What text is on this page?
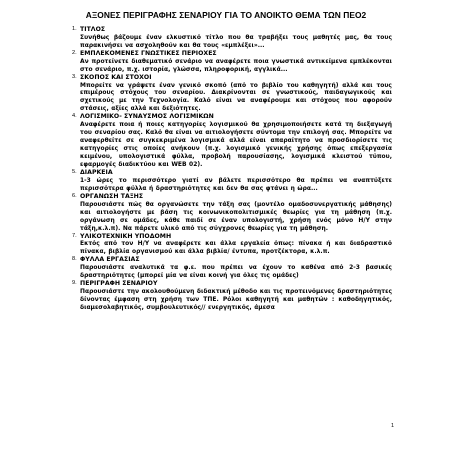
ΑΞΟΝΕΣ ΠΕΡΙΓΡΑΦΗΣ ΣΕΝΑΡΙΟΥ ΓΙΑ ΤΟ ΑΝΟΙΚΤΟ ΘΕΜΑ ΤΩΝ ΠΕΟ2
1. ΤΙΤΛΟΣ
Συνήθως βάζουμε έναν ελκυστικό τίτλο που θα τραβήξει τους μαθητές μας, θα τους παρακινήσει να ασχοληθούν και θα τους «εμπλέξει»...
2. ΕΜΠΛΕΚΟΜΕΝΕΣ ΓΝΩΣΤΙΚΕΣ ΠΕΡΙΟΧΕΣ
Αν προτείνετε διαθεματικό σενάριο να αναφέρετε ποια γνωστικά αντικείμενα εμπλέκονται στο σενάριο, π.χ. ιστορία, γλώσσα, πληροφορική, αγγλικά...
3. ΣΚΟΠΟΣ ΚΑΙ ΣΤΟΧΟΙ
Μπορείτε να γράψετε έναν γενικό σκοπό (από το βιβλίο του καθηγητή) αλλά και τους επιμέρους στόχους του σεναρίου. Διακρίνονται σε γνωστικούς, παιδαγωγικούς και σχετικούς με την Τεχνολογία. Καλό είναι να αναφέρουμε και στόχους που αφορούν στάσεις, αξίες αλλά και δεξιότητες.
4. ΛΟΓΙΣΜΙΚΟ- ΣΥΝΑΥΣΜΟΣ ΛΟΓΙΣΜΙΚΩΝ
Αναφέρετε ποια ή ποιες κατηγορίες λογισμικού θα χρησιμοποιήσετε κατά τη διεξαγωγή του σεναρίου σας. Καλό θα είναι να αιτιολογήσετε σύντομα την επιλογή σας. Μπορείτε να αναφερθείτε σε συγκεκριμένα λογισμικά αλλά είναι απαραίτητο να προσδιορίσετε τις κατηγορίες στις οποίες ανήκουν (π.χ. λογισμικό γενικής χρήσης όπως επεξεργασία κειμένου, υπολογιστικά φύλλα, προβολή παρουσίασης, λογισμικά κλειστού τύπου, εφαρμογές διαδικτύου και WEB 02).
5. ΔΙΑΡΚΕΙΑ
1-3 ώρες το περισσότερο γιατί αν βάλετε περισσότερο θα πρέπει να αναπτύξετε περισσότερα φύλλα ή δραστηριότητες και δεν θα σας φτάνει η ώρα...
6. ΟΡΓΑΝΩΣΗ ΤΑΞΗΣ
Παρουσιάστε πώς θα οργανώσετε την τάξη σας (μοντέλο ομαδοσυνεργατικής μάθησης) και αιτιολογήστε με βάση τις κοινωνικοπολιτισμικές θεωρίες για τη μάθηση (π.χ. οργάνωση σε ομάδες, κάθε παιδί σε έναν υπολογιστή, χρήση ενός μόνο Η/Υ στην τάξη,κ.λ.π). Να πάρετε υλικό από τις σύγχρονες θεωρίες για τη μάθηση.
7. ΥΛΙΚΟΤΕΧΝΙΚΗ ΥΠΟΔΟΜΗ
Εκτός από τον Η/Υ να αναφέρετε και άλλα εργαλεία όπως: πίνακα ή και διαδραστικό πίνακα, βιβλία οργανισμού και άλλα βιβλία/ έντυπα, προτζέκτορα, κ.λ.π.
8. ΦΥΛΛΑ ΕΡΓΑΣΙΑΣ
Παρουσιάστε αναλυτικά τα φ.ε. που πρέπει να έχουν το καθένα από 2-3 βασικές δραστηριότητες (μπορεί μία να είναι κοινή για όλες τις ομάδες)
9. ΠΕΡΙΓΡΑΦΗ ΣΕΝΑΡΙΟΥ
Παρουσιάστε την ακολουθούμενη διδακτική μέθοδο και τις προτεινόμενες δραστηριότητες δίνοντας έμφαση στη χρήση των ΤΠΕ. Ρόλοι καθηγητή και μαθητών : καθοδηγητικός, διαμεσολαβητικός, συμβουλευτικός// ενεργητικός, άμεσα
1
